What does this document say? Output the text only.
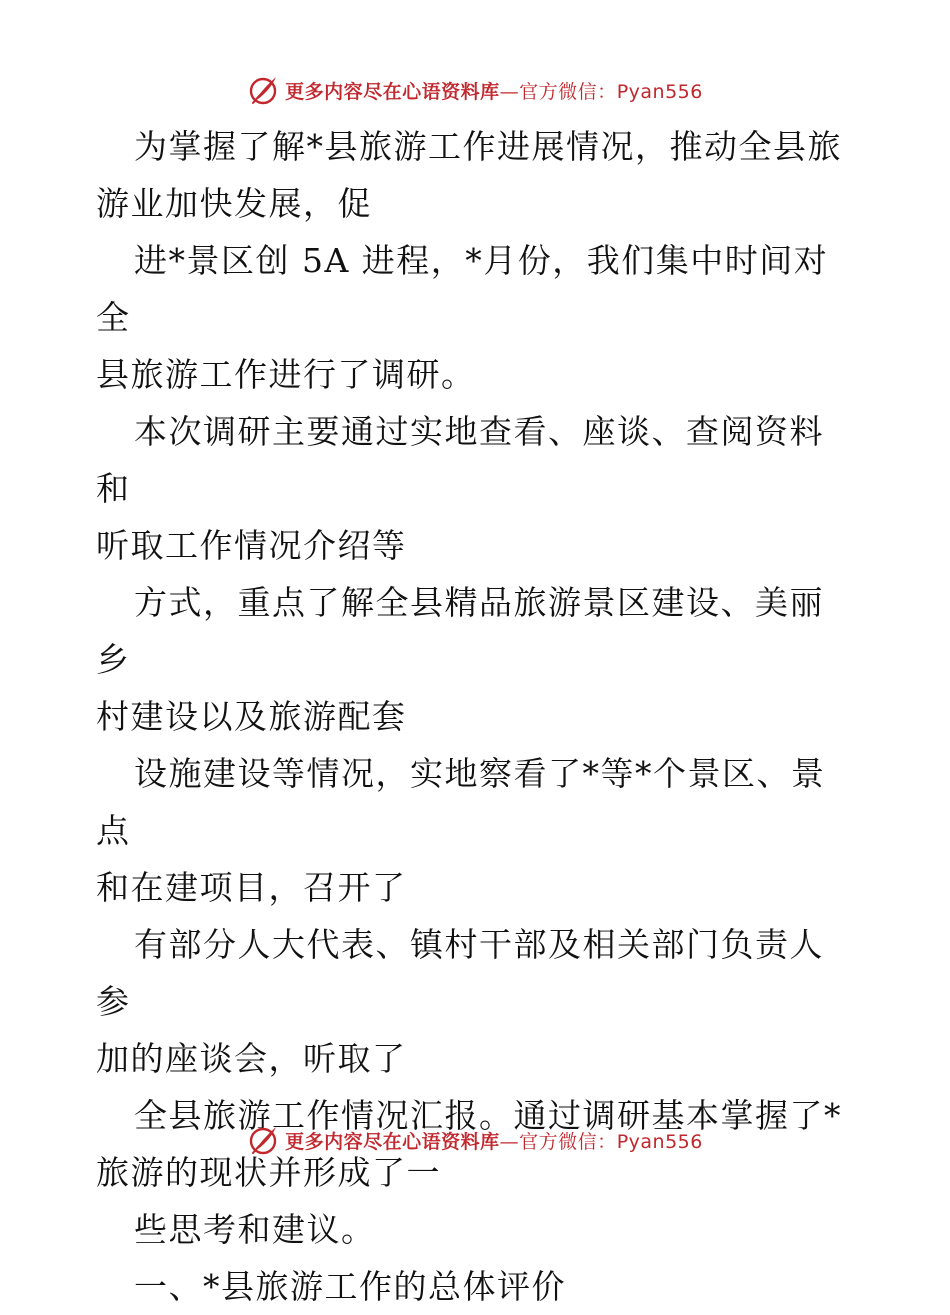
更多内容尽在心语资料库—官方微信：Pyan556

为掌握了解*县旅游工作进展情况，推动全县旅
游业加快发展，促

进*景区创 5A 进程，*月份，我们集中时间对全
县旅游工作进行了调研。

本次调研主要通过实地查看、座谈、查阅资料和
听取工作情况介绍等

方式，重点了解全县精品旅游景区建设、美丽乡
村建设以及旅游配套

设施建设等情况，实地察看了*等*个景区、景点
和在建项目，召开了

有部分人大代表、镇村干部及相关部门负责人参
加的座谈会，听取了

全县旅游工作情况汇报。通过调研基本掌握了*
旅游的现状并形成了一

些思考和建议。

一、*县旅游工作的总体评价

更多内容尽在心语资料库—官方微信：Pyan556
